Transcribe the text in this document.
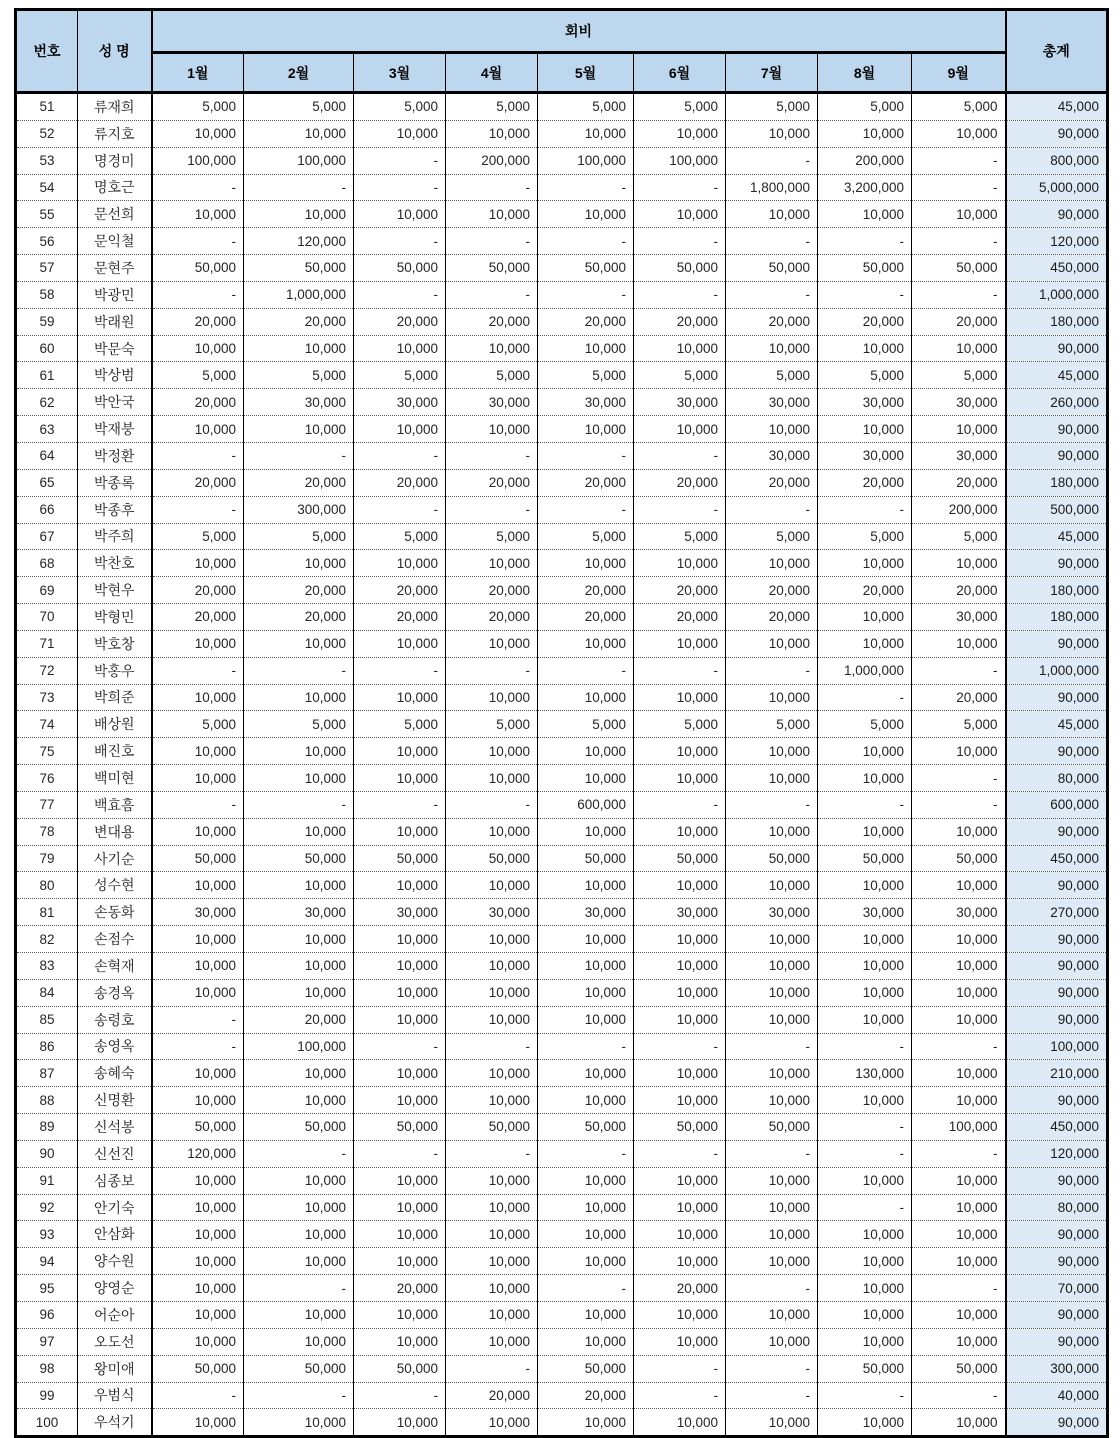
번호	성 명	회비									총계
		1월	2월	3월	4월	5월	6월	7월	8월	9월	
51	류재희	5,000	5,000	5,000	5,000	5,000	5,000	5,000	5,000	5,000	45,000
52	류지호	10,000	10,000	10,000	10,000	10,000	10,000	10,000	10,000	10,000	90,000
53	명경미	100,000	100,000	-	200,000	100,000	100,000	-	200,000	-	800,000
54	명호근	-	-	-	-	-	-	1,800,000	3,200,000	-	5,000,000
55	문선희	10,000	10,000	10,000	10,000	10,000	10,000	10,000	10,000	10,000	90,000
56	문익철	-	120,000	-	-	-	-	-	-	-	120,000
57	문현주	50,000	50,000	50,000	50,000	50,000	50,000	50,000	50,000	50,000	450,000
58	박광민	-	1,000,000	-	-	-	-	-	-	-	1,000,000
59	박래원	20,000	20,000	20,000	20,000	20,000	20,000	20,000	20,000	20,000	180,000
60	박문숙	10,000	10,000	10,000	10,000	10,000	10,000	10,000	10,000	10,000	90,000
61	박상범	5,000	5,000	5,000	5,000	5,000	5,000	5,000	5,000	5,000	45,000
62	박안국	20,000	30,000	30,000	30,000	30,000	30,000	30,000	30,000	30,000	260,000
63	박재붕	10,000	10,000	10,000	10,000	10,000	10,000	10,000	10,000	10,000	90,000
64	박정환	-	-	-	-	-	-	30,000	30,000	30,000	90,000
65	박종록	20,000	20,000	20,000	20,000	20,000	20,000	20,000	20,000	20,000	180,000
66	박종후	-	300,000	-	-	-	-	-	-	200,000	500,000
67	박주희	5,000	5,000	5,000	5,000	5,000	5,000	5,000	5,000	5,000	45,000
68	박찬호	10,000	10,000	10,000	10,000	10,000	10,000	10,000	10,000	10,000	90,000
69	박현우	20,000	20,000	20,000	20,000	20,000	20,000	20,000	20,000	20,000	180,000
70	박형민	20,000	20,000	20,000	20,000	20,000	20,000	20,000	10,000	30,000	180,000
71	박호창	10,000	10,000	10,000	10,000	10,000	10,000	10,000	10,000	10,000	90,000
72	박홍우	-	-	-	-	-	-	-	1,000,000	-	1,000,000
73	박희준	10,000	10,000	10,000	10,000	10,000	10,000	10,000	-	20,000	90,000
74	배상원	5,000	5,000	5,000	5,000	5,000	5,000	5,000	5,000	5,000	45,000
75	배진호	10,000	10,000	10,000	10,000	10,000	10,000	10,000	10,000	10,000	90,000
76	백미현	10,000	10,000	10,000	10,000	10,000	10,000	10,000	10,000	-	80,000
77	백효흠	-	-	-	-	600,000	-	-	-	-	600,000
78	변대용	10,000	10,000	10,000	10,000	10,000	10,000	10,000	10,000	10,000	90,000
79	사기순	50,000	50,000	50,000	50,000	50,000	50,000	50,000	50,000	50,000	450,000
80	성수현	10,000	10,000	10,000	10,000	10,000	10,000	10,000	10,000	10,000	90,000
81	손동화	30,000	30,000	30,000	30,000	30,000	30,000	30,000	30,000	30,000	270,000
82	손점수	10,000	10,000	10,000	10,000	10,000	10,000	10,000	10,000	10,000	90,000
83	손혁재	10,000	10,000	10,000	10,000	10,000	10,000	10,000	10,000	10,000	90,000
84	송경옥	10,000	10,000	10,000	10,000	10,000	10,000	10,000	10,000	10,000	90,000
85	송령호	-	20,000	10,000	10,000	10,000	10,000	10,000	10,000	10,000	90,000
86	송영옥	-	100,000	-	-	-	-	-	-	-	100,000
87	송혜숙	10,000	10,000	10,000	10,000	10,000	10,000	10,000	130,000	10,000	210,000
88	신명환	10,000	10,000	10,000	10,000	10,000	10,000	10,000	10,000	10,000	90,000
89	신석봉	50,000	50,000	50,000	50,000	50,000	50,000	50,000	-	100,000	450,000
90	신선진	120,000	-	-	-	-	-	-	-	-	120,000
91	심종보	10,000	10,000	10,000	10,000	10,000	10,000	10,000	10,000	10,000	90,000
92	안기숙	10,000	10,000	10,000	10,000	10,000	10,000	10,000	-	10,000	80,000
93	안삼화	10,000	10,000	10,000	10,000	10,000	10,000	10,000	10,000	10,000	90,000
94	양수원	10,000	10,000	10,000	10,000	10,000	10,000	10,000	10,000	10,000	90,000
95	양영순	10,000	-	20,000	10,000	-	20,000	-	10,000	-	70,000
96	어순아	10,000	10,000	10,000	10,000	10,000	10,000	10,000	10,000	10,000	90,000
97	오도선	10,000	10,000	10,000	10,000	10,000	10,000	10,000	10,000	10,000	90,000
98	왕미애	50,000	50,000	50,000	-	50,000	-	-	50,000	50,000	300,000
99	우범식	-	-	-	20,000	20,000	-	-	-	-	40,000
100	우석기	10,000	10,000	10,000	10,000	10,000	10,000	10,000	10,000	10,000	90,000
